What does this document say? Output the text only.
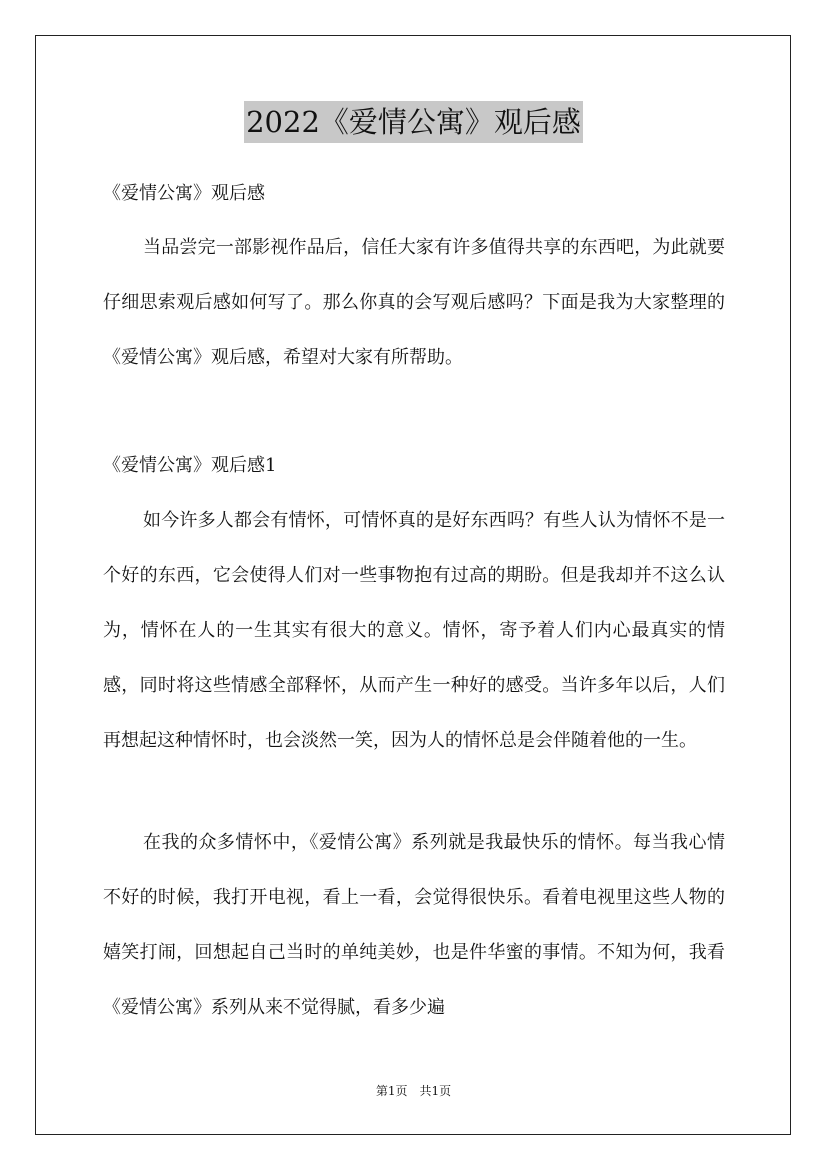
2022《爱情公寓》观后感
《爱情公寓》观后感

当品尝完一部影视作品后，信任大家有许多值得共享的东西吧，为此就要仔细思索观后感如何写了。那么你真的会写观后感吗？下面是我为大家整理的《爱情公寓》观后感，希望对大家有所帮助。

《爱情公寓》观后感1

如今许多人都会有情怀，可情怀真的是好东西吗？有些人认为情怀不是一个好的东西，它会使得人们对一些事物抱有过高的期盼。但是我却并不这么认为，情怀在人的一生其实有很大的意义。情怀，寄予着人们内心最真实的情感，同时将这些情感全部释怀，从而产生一种好的感受。当许多年以后，人们再想起这种情怀时，也会淡然一笑，因为人的情怀总是会伴随着他的一生。

在我的众多情怀中，《爱情公寓》系列就是我最快乐的情怀。每当我心情不好的时候，我打开电视，看上一看，会觉得很快乐。看着电视里这些人物的嬉笑打闹，回想起自己当时的单纯美妙，也是件华蜜的事情。不知为何，我看《爱情公寓》系列从来不觉得腻，看多少遍

第1页　共1页
